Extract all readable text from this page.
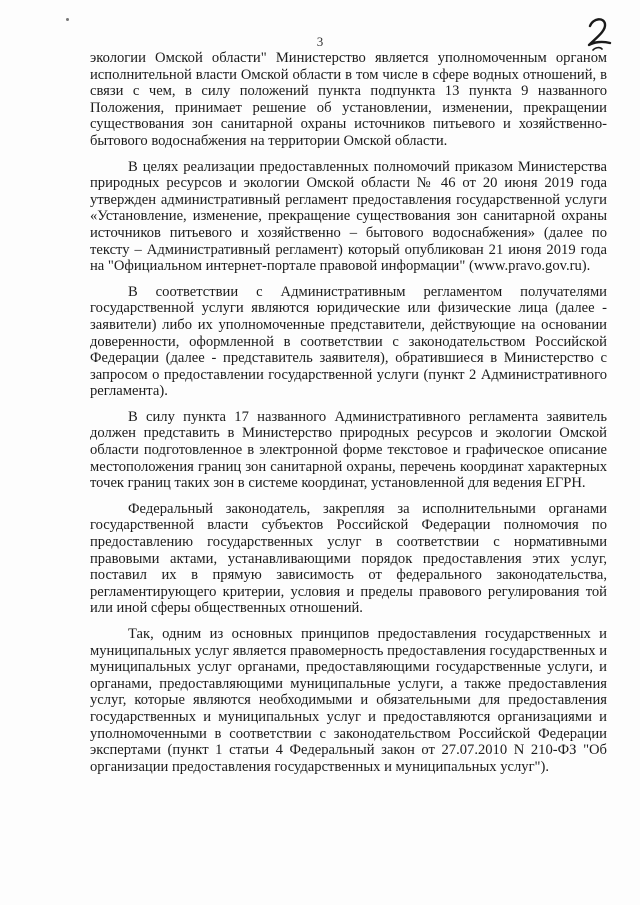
3

экологии Омской области" Министерство является уполномоченным органом исполнительной власти Омской области в том числе в сфере водных отношений, в связи с чем, в силу положений пункта подпункта 13 пункта 9 названного Положения, принимает решение об установлении, изменении, прекращении существования зон санитарной охраны источников питьевого и хозяйственно-бытового водоснабжения на территории Омской области.

В целях реализации предоставленных полномочий приказом Министерства природных ресурсов и экологии Омской области № 46 от 20 июня 2019 года утвержден административный регламент предоставления государственной услуги «Установление, изменение, прекращение существования зон санитарной охраны источников питьевого и хозяйственно – бытового водоснабжения» (далее по тексту – Административный регламент) который опубликован 21 июня 2019 года на "Официальном интернет-портале правовой информации" (www.pravo.gov.ru).

В соответствии с Административным регламентом получателями государственной услуги являются юридические или физические лица (далее - заявители) либо их уполномоченные представители, действующие на основании доверенности, оформленной в соответствии с законодательством Российской Федерации (далее - представитель заявителя), обратившиеся в Министерство с запросом о предоставлении государственной услуги (пункт 2 Административного регламента).

В силу пункта 17 названного Административного регламента заявитель должен представить в Министерство природных ресурсов и экологии Омской области подготовленное в электронной форме текстовое и графическое описание местоположения границ зон санитарной охраны, перечень координат характерных точек границ таких зон в системе координат, установленной для ведения ЕГРН.

Федеральный законодатель, закрепляя за исполнительными органами государственной власти субъектов Российской Федерации полномочия по предоставлению государственных услуг в соответствии с нормативными правовыми актами, устанавливающими порядок предоставления этих услуг, поставил их в прямую зависимость от федерального законодательства, регламентирующего критерии, условия и пределы правового регулирования той или иной сферы общественных отношений.

Так, одним из основных принципов предоставления государственных и муниципальных услуг является правомерность предоставления государственных и муниципальных услуг органами, предоставляющими государственные услуги, и органами, предоставляющими муниципальные услуги, а также предоставления услуг, которые являются необходимыми и обязательными для предоставления государственных и муниципальных услуг и предоставляются организациями и уполномоченными в соответствии с законодательством Российской Федерации экспертами (пункт 1 статьи 4 Федеральный закон от 27.07.2010 N 210-ФЗ "Об организации предоставления государственных и муниципальных услуг").
